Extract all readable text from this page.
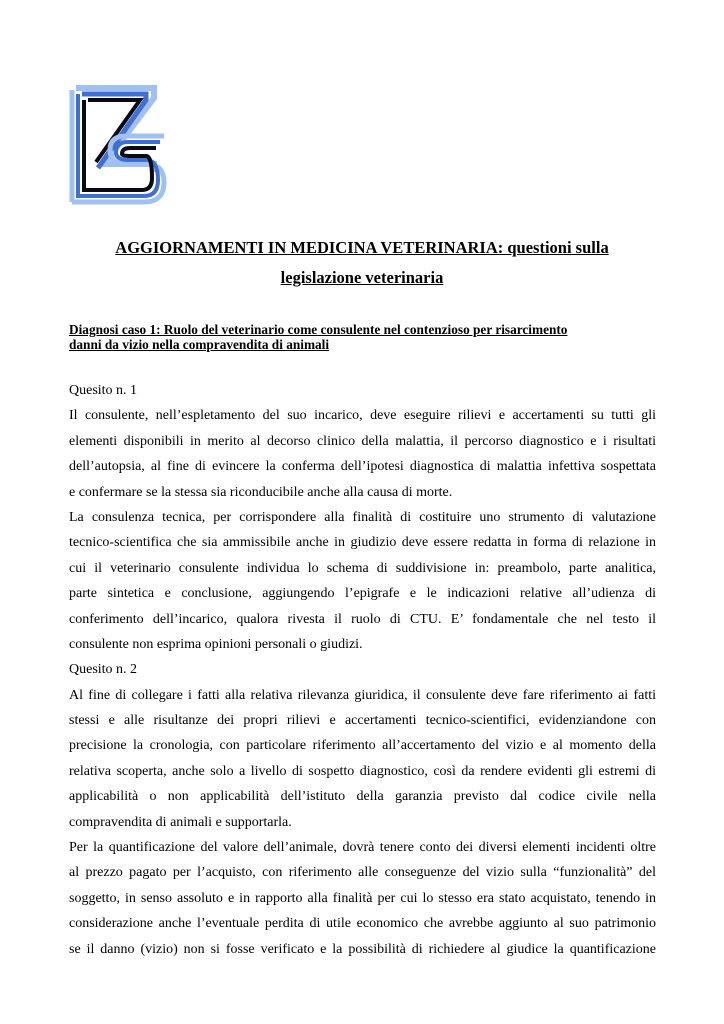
AGGIORNAMENTI IN MEDICINA VETERINARIA: questioni sulla
legislazione veterinaria
Diagnosi caso 1: Ruolo del veterinario come consulente nel contenzioso per risarcimento
danni da vizio nella compravendita di animali
Quesito n. 1
Il consulente, nell’espletamento del suo incarico, deve eseguire rilievi e accertamenti su tutti gli
elementi disponibili in merito al decorso clinico della malattia, il percorso diagnostico e i risultati
dell’autopsia, al fine di evincere la conferma dell’ipotesi diagnostica di malattia infettiva sospettata
e confermare se la stessa sia riconducibile anche alla causa di morte.
La consulenza tecnica, per corrispondere alla finalità di costituire uno strumento di valutazione
tecnico-scientifica che sia ammissibile anche in giudizio deve essere redatta in forma di relazione in
cui il veterinario consulente individua lo schema di suddivisione in: preambolo, parte analitica,
parte sintetica e conclusione, aggiungendo l’epigrafe e le indicazioni relative all’udienza di
conferimento dell’incarico, qualora rivesta il ruolo di CTU. E’ fondamentale che nel testo il
consulente non esprima opinioni personali o giudizi.
Quesito n. 2
Al fine di collegare i fatti alla relativa rilevanza giuridica, il consulente deve fare riferimento ai fatti
stessi e alle risultanze dei propri rilievi e accertamenti tecnico-scientifici, evidenziandone con
precisione la cronologia, con particolare riferimento all’accertamento del vizio e al momento della
relativa scoperta, anche solo a livello di sospetto diagnostico, così da rendere evidenti gli estremi di
applicabilità o non applicabilità dell’istituto della garanzia previsto dal codice civile nella
compravendita di animali e supportarla.
Per la quantificazione del valore dell’animale, dovrà tenere conto dei diversi elementi incidenti oltre
al prezzo pagato per l’acquisto, con riferimento alle conseguenze del vizio sulla “funzionalità” del
soggetto, in senso assoluto e in rapporto alla finalità per cui lo stesso era stato acquistato, tenendo in
considerazione anche l’eventuale perdita di utile economico che avrebbe aggiunto al suo patrimonio
se il danno (vizio) non si fosse verificato e la possibilità di richiedere al giudice la quantificazione
